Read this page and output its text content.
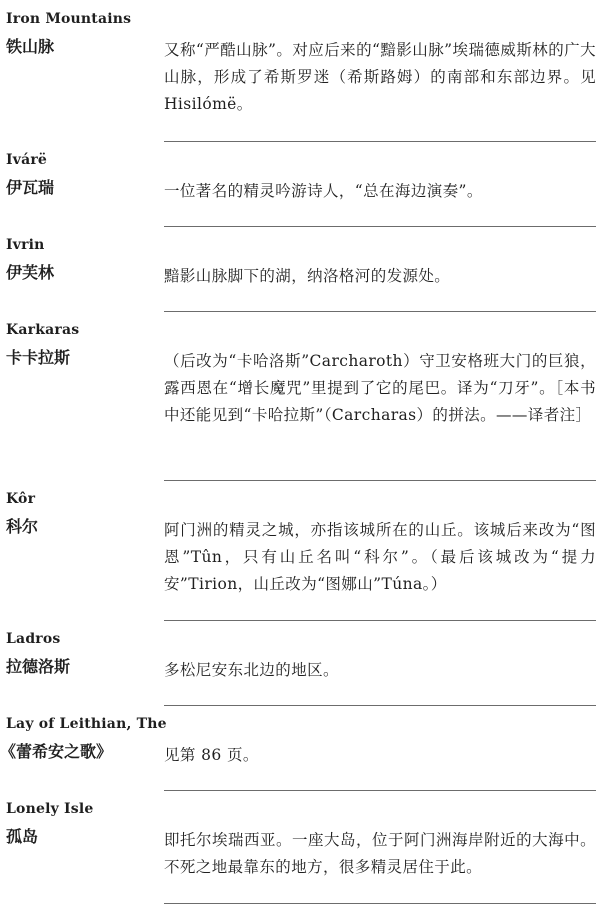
Iron Mountains
铁山脉	又称“严酷山脉”。对应后来的“黯影山脉”埃瑞德威斯林的广大山脉，形成了希斯罗迷（希斯路姆）的南部和东部边界。见 Hisilómë。
Ivárë
伊瓦瑞	一位著名的精灵吟游诗人，“总在海边演奏”。
Ivrin
伊芙林	黯影山脉脚下的湖，纳洛格河的发源处。
Karkaras
卡卡拉斯	（后改为“卡哈洛斯”Carcharoth）守卫安格班大门的巨狼，露西恩在“增长魔咒”里提到了它的尾巴。译为“刀牙”。［本书中还能见到“卡哈拉斯”（Carcharas）的拼法。——译者注］
Kôr
科尔	阿门洲的精灵之城，亦指该城所在的山丘。该城后来改为“图恩”Tûn，只有山丘名叫“科尔”。（最后该城改为“提力安”Tirion，山丘改为“图娜山”Túna。）
Ladros
拉德洛斯	多松尼安东北边的地区。
Lay of Leithian, The
《蕾希安之歌》	见第 86 页。
Lonely Isle
孤岛	即托尔埃瑞西亚。一座大岛，位于阿门洲海岸附近的大海中。不死之地最靠东的地方，很多精灵居住于此。
